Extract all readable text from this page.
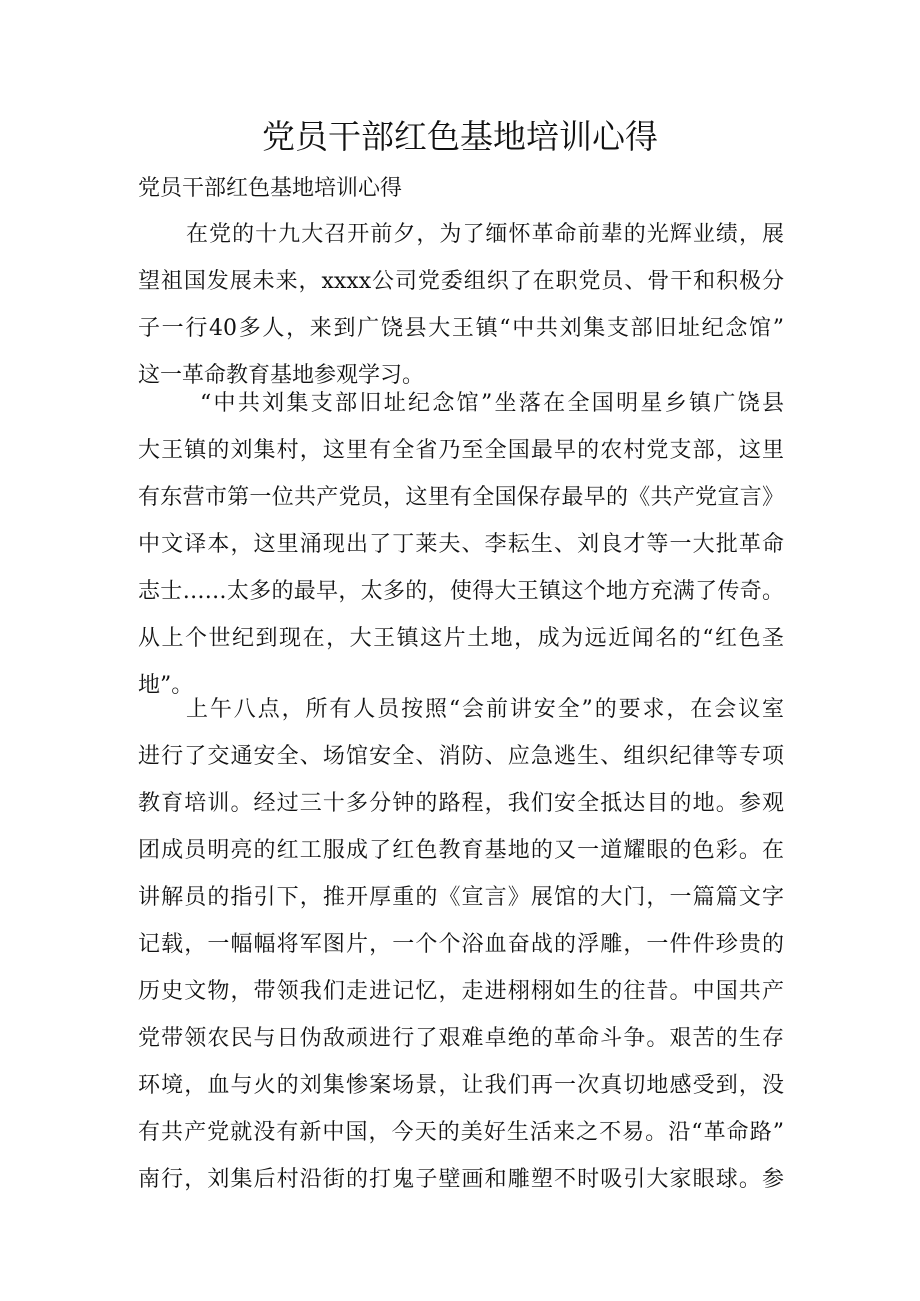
党员干部红色基地培训心得
党员干部红色基地培训心得
在党的十九大召开前夕，为了缅怀革命前辈的光辉业绩，展
望祖国发展未来，xxxx公司党委组织了在职党员、骨干和积极分
子一行40多人，来到广饶县大王镇“中共刘集支部旧址纪念馆”
这一革命教育基地参观学习。
“中共刘集支部旧址纪念馆”坐落在全国明星乡镇广饶县
大王镇的刘集村，这里有全省乃至全国最早的农村党支部，这里
有东营市第一位共产党员，这里有全国保存最早的《共产党宣言》
中文译本，这里涌现出了丁莱夫、李耘生、刘良才等一大批革命
志士……太多的最早，太多的，使得大王镇这个地方充满了传奇。
从上个世纪到现在，大王镇这片土地，成为远近闻名的“红色圣
地”。
上午八点，所有人员按照“会前讲安全”的要求，在会议室
进行了交通安全、场馆安全、消防、应急逃生、组织纪律等专项
教育培训。经过三十多分钟的路程，我们安全抵达目的地。参观
团成员明亮的红工服成了红色教育基地的又一道耀眼的色彩。在
讲解员的指引下，推开厚重的《宣言》展馆的大门，一篇篇文字
记载，一幅幅将军图片，一个个浴血奋战的浮雕，一件件珍贵的
历史文物，带领我们走进记忆，走进栩栩如生的往昔。中国共产
党带领农民与日伪敌顽进行了艰难卓绝的革命斗争。艰苦的生存
环境，血与火的刘集惨案场景，让我们再一次真切地感受到，没
有共产党就没有新中国，今天的美好生活来之不易。沿“革命路”
南行，刘集后村沿街的打鬼子壁画和雕塑不时吸引大家眼球。参
